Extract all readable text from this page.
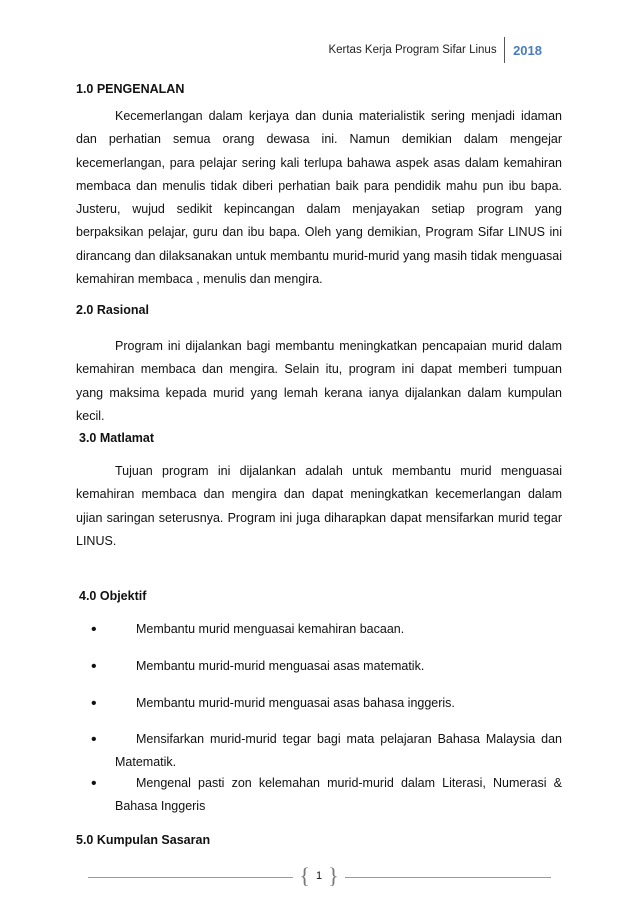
Kertas Kerja Program Sifar Linus	2018
1.0 PENGENALAN

Kecemerlangan dalam kerjaya dan dunia materialistik sering menjadi idaman dan perhatian semua orang dewasa ini. Namun demikian dalam mengejar kecemerlangan, para pelajar sering kali terlupa bahawa aspek asas dalam kemahiran membaca dan menulis tidak diberi perhatian baik para pendidik mahu pun ibu bapa. Justeru, wujud sedikit kepincangan dalam menjayakan setiap program yang berpaksikan pelajar, guru dan ibu bapa. Oleh yang demikian, Program Sifar LINUS ini dirancang dan dilaksanakan untuk membantu murid-murid yang masih tidak menguasai kemahiran membaca , menulis dan mengira.

2.0 Rasional

Program ini dijalankan bagi membantu meningkatkan pencapaian murid dalam kemahiran membaca dan mengira. Selain itu, program ini dapat memberi tumpuan yang maksima kepada murid yang lemah kerana ianya dijalankan dalam kumpulan kecil.

3.0 Matlamat

Tujuan program ini dijalankan adalah untuk membantu murid menguasai kemahiran membaca dan mengira dan dapat meningkatkan kecemerlangan dalam ujian saringan seterusnya. Program ini juga diharapkan dapat mensifarkan murid tegar LINUS.

4.0 Objektif
•	Membantu murid menguasai kemahiran bacaan.
•	Membantu murid-murid menguasai asas matematik.
•	Membantu murid-murid menguasai asas bahasa inggeris.
•	Mensifarkan murid-murid tegar bagi mata pelajaran Bahasa Malaysia dan Matematik.
•	Mengenal pasti zon kelemahan murid-murid dalam Literasi, Numerasi & Bahasa Inggeris
5.0 Kumpulan Sasaran
{ 1 }
